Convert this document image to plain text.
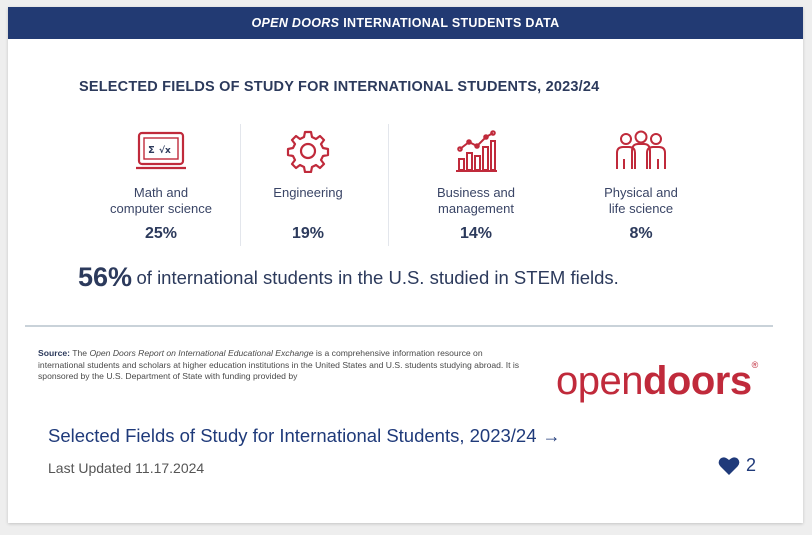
OPEN DOORS INTERNATIONAL STUDENTS DATA
SELECTED FIELDS OF STUDY FOR INTERNATIONAL STUDENTS, 2023/24
Σ √x
Math and
computer science
25%
Engineering
19%
Business and
management
14%
Physical and
life science
8%
56% of international students in the U.S. studied in STEM fields.
Source: The Open Doors Report on International Educational Exchange is a comprehensive information resource on international students and scholars at higher education institutions in the United States and U.S. students studying abroad. It is sponsored by the U.S. Department of State with funding provided by	opendoors®
Selected Fields of Study for International Students, 2023/24 →
Last Updated 11.17.2024	2
